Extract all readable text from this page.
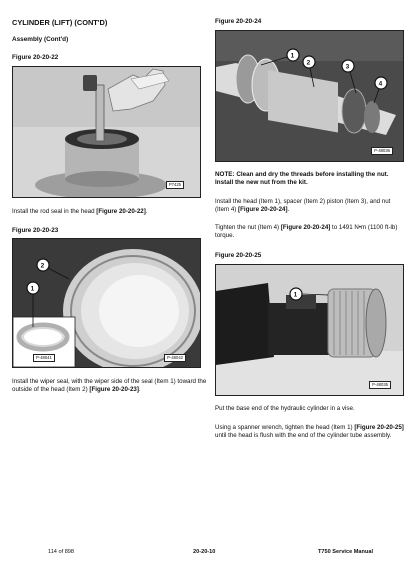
CYLINDER (LIFT) (CONT'D)
Assembly (Cont'd)
Figure 20-20-22
P7425
Install the rod seal in the head [Figure 20-20-22].
Figure 20-20-23
2
1
P-48041	P-48042
Install the wiper seal, with the wiper side of the seal (Item 1) toward the outside of the head (Item 2) [Figure 20-20-23].
Figure 20-20-24
1
2
3
4
P-48036
NOTE: Clean and dry the threads before installing the nut. Install the new nut from the kit.
Install the head (Item 1), spacer (Item 2) piston (Item 3), and nut (Item 4) [Figure 20-20-24].
Tighten the nut (Item 4) [Figure 20-20-24] to 1491 N•m (1100 ft-lb) torque.
Figure 20-20-25
1
P-48035
Put the base end of the hydraulic cylinder in a vise.
Using a spanner wrench, tighten the head (Item 1) [Figure 20-20-25] until the head is flush with the end of the cylinder tube assembly.
114 of 898	20-20-10	T750 Service Manual
